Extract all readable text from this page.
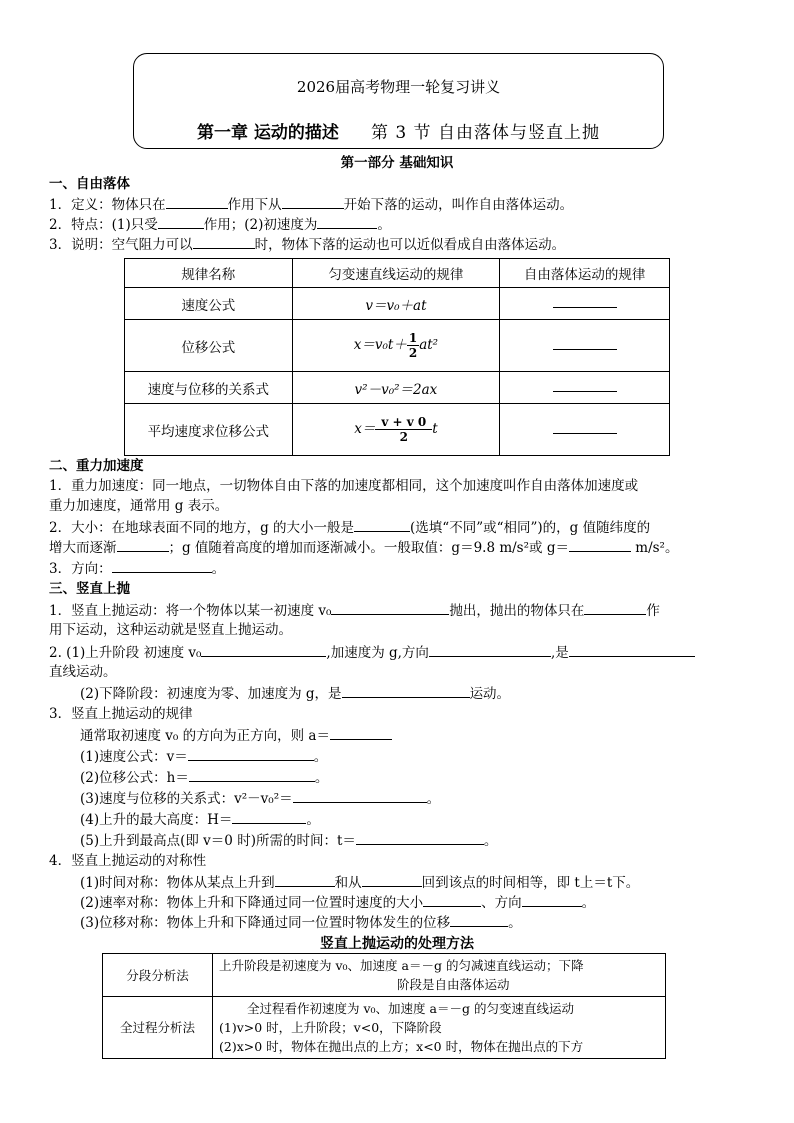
2026届高考物理一轮复习讲义
第一章 运动的描述 第 3 节 自由落体与竖直上抛
第一部分 基础知识
一、自由落体
1．定义：物体只在	作用下从	开始下落的运动，叫作自由落体运动。
2．特点：(1)只受	作用；(2)初速度为	。
3．说明：空气阻力可以	时，物体下落的运动也可以近似看成自由落体运动。
规律名称	匀变速直线运动的规律	自由落体运动的规律
速度公式	v＝v₀＋at	
位移公式	$x=v_0t+ \frac{1}{2} at^2$	
速度与位移的关系式	v²－v₀²＝2ax	
平均速度求位移公式	$x= \frac{v + v 0}{2}$ t	
二、重力加速度
1．重力加速度：同一地点，一切物体自由下落的加速度都相同，这个加速度叫作自由落体加速度或
重力加速度，通常用 g 表示。
2．大小：在地球表面不同的地方，g 的大小一般是	(选填“不同”或“相同”)的，g 值随纬度的
增大而逐渐	；g 值随着高度的增加而逐渐减小。一般取值：g＝9.8 m/s²或 g＝	m/s²。
3．方向：	。
三、竖直上抛
1．竖直上抛运动：将一个物体以某一初速度 v₀	抛出，抛出的物体只在	作
用下运动，这种运动就是竖直上抛运动。
2. (1)上升阶段 初速度 v₀	,加速度为 g,方向	,是
直线运动。
(2)下降阶段：初速度为零、加速度为 g，是	运动。
3．竖直上抛运动的规律
通常取初速度 v₀ 的方向为正方向，则 a＝
(1)速度公式：v＝	。
(2)位移公式：h＝	。
(3)速度与位移的关系式：v²－v₀²＝	。
(4)上升的最大高度：H＝	。
(5)上升到最高点(即 v＝0 时)所需的时间：t＝	。
4．竖直上抛运动的对称性
(1)时间对称：物体从某点上升到	和从	回到该点的时间相等，即 t上＝t下。
(2)速率对称：物体上升和下降通过同一位置时速度的大小	、方向	。
(3)位移对称：物体上升和下降通过同一位置时物体发生的位移	。
竖直上抛运动的处理方法
分段分析法	上升阶段是初速度为 v₀、加速度 a＝－g 的匀减速直线运动；下降
阶段是自由落体运动

全过程分析法	全过程看作初速度为 v₀、加速度 a＝－g 的匀变速直线运动
(1)v>0 时，上升阶段；v<0，下降阶段
(2)x>0 时，物体在抛出点的上方；x<0 时，物体在抛出点的下方
